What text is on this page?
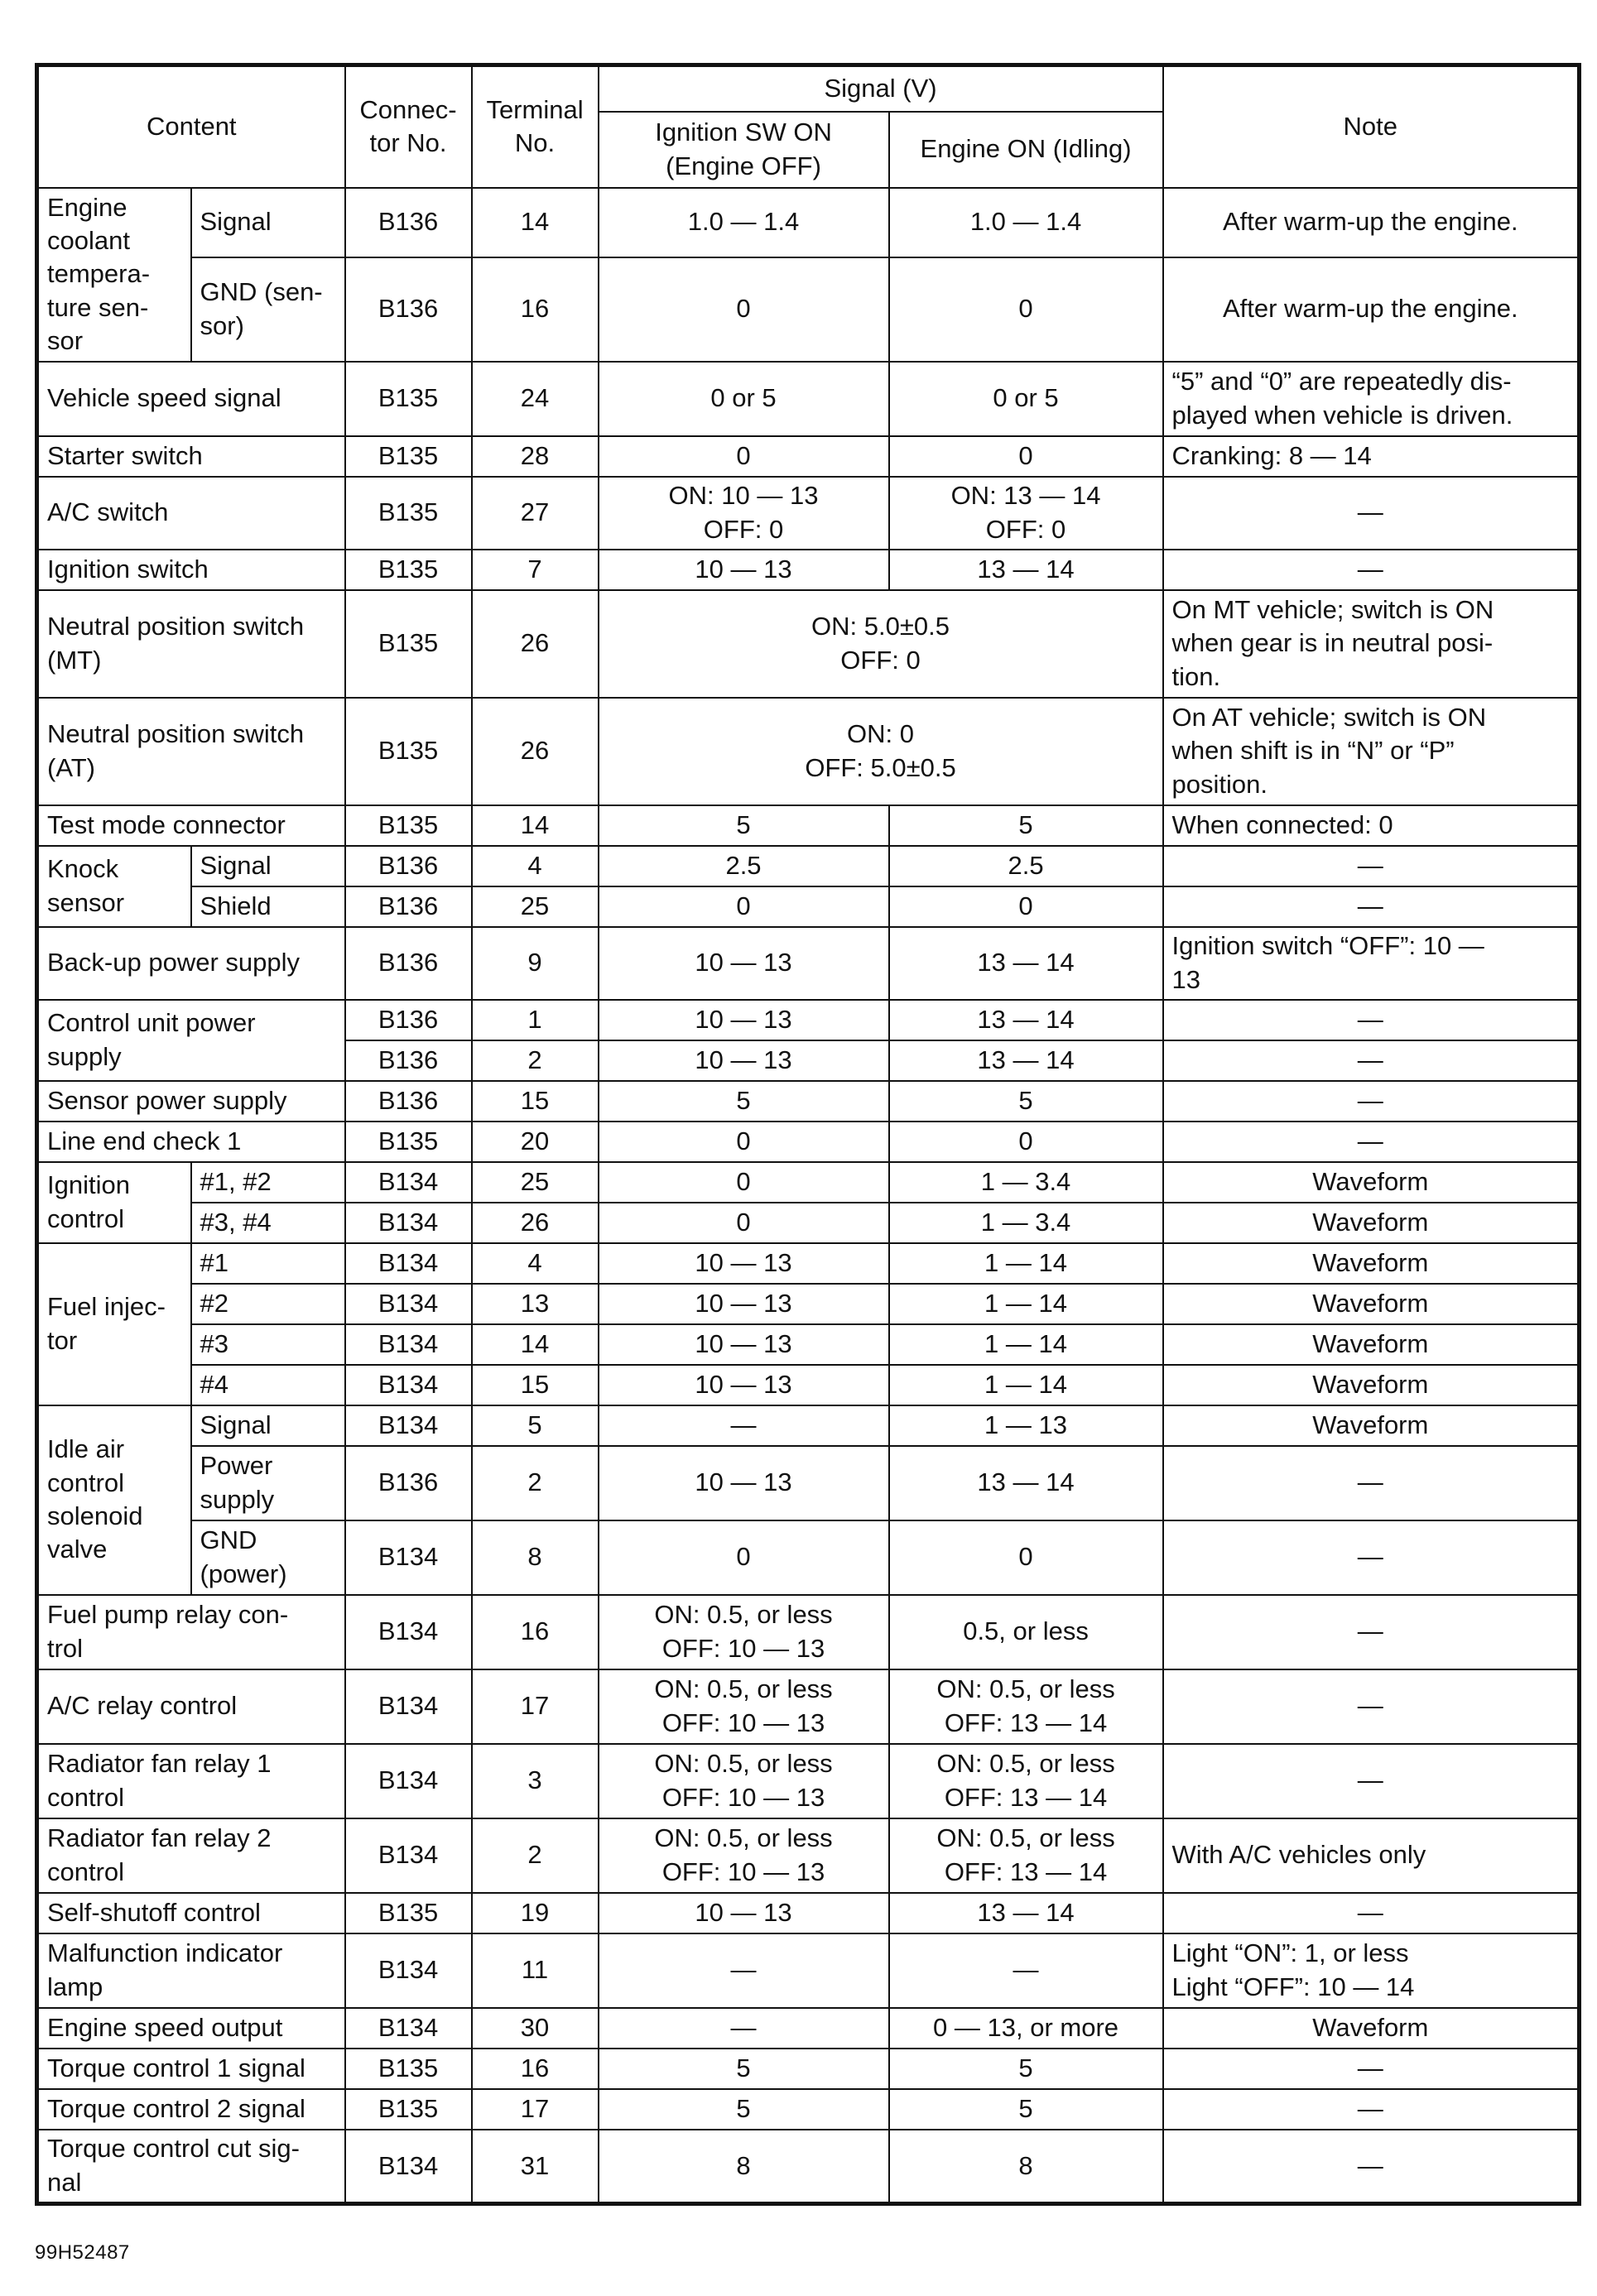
Content		Connec-
tor No.	Terminal
No.	Signal (V)		Note
				Ignition SW ON
(Engine OFF)	Engine ON (Idling)	
Engine
coolant
tempera-
ture sen-
sor	Signal	B136	14	1.0 — 1.4	1.0 — 1.4	After warm-up the engine.
	GND (sen-
sor)	B136	16	0	0	After warm-up the engine.
Vehicle speed signal		B135	24	0 or 5	0 or 5	“5” and “0” are repeatedly dis-
played when vehicle is driven.
Starter switch		B135	28	0	0	Cranking: 8 — 14
A/C switch		B135	27	ON: 10 — 13
OFF: 0	ON: 13 — 14
OFF: 0	—
Ignition switch		B135	7	10 — 13	13 — 14	—
Neutral position switch
(MT)		B135	26	ON: 5.0±0.5
OFF: 0		On MT vehicle; switch is ON
when gear is in neutral posi-
tion.
Neutral position switch
(AT)		B135	26	ON: 0
OFF: 5.0±0.5		On AT vehicle; switch is ON
when shift is in “N” or “P”
position.
Test mode connector		B135	14	5	5	When connected: 0
Knock
sensor	Signal	B136	4	2.5	2.5	—
	Shield	B136	25	0	0	—
Back-up power supply		B136	9	10 — 13	13 — 14	Ignition switch “OFF”: 10 —
13
Control unit power
supply		B136	1	10 — 13	13 — 14	—
		B136	2	10 — 13	13 — 14	—
Sensor power supply		B136	15	5	5	—
Line end check 1		B135	20	0	0	—
Ignition
control	#1, #2	B134	25	0	1 — 3.4	Waveform
	#3, #4	B134	26	0	1 — 3.4	Waveform
Fuel injec-
tor	#1	B134	4	10 — 13	1 — 14	Waveform
	#2	B134	13	10 — 13	1 — 14	Waveform
	#3	B134	14	10 — 13	1 — 14	Waveform
	#4	B134	15	10 — 13	1 — 14	Waveform
Idle air
control
solenoid
valve	Signal	B134	5	—	1 — 13	Waveform
	Power
supply	B136	2	10 — 13	13 — 14	—
	GND
(power)	B134	8	0	0	—
Fuel pump relay con-
trol		B134	16	ON: 0.5, or less
OFF: 10 — 13	0.5, or less	—
A/C relay control		B134	17	ON: 0.5, or less
OFF: 10 — 13	ON: 0.5, or less
OFF: 13 — 14	—
Radiator fan relay 1
control		B134	3	ON: 0.5, or less
OFF: 10 — 13	ON: 0.5, or less
OFF: 13 — 14	—
Radiator fan relay 2
control		B134	2	ON: 0.5, or less
OFF: 10 — 13	ON: 0.5, or less
OFF: 13 — 14	With A/C vehicles only
Self-shutoff control		B135	19	10 — 13	13 — 14	—
Malfunction indicator
lamp		B134	11	—	—	Light “ON”: 1, or less
Light “OFF”: 10 — 14
Engine speed output		B134	30	—	0 — 13, or more	Waveform
Torque control 1 signal		B135	16	5	5	—
Torque control 2 signal		B135	17	5	5	—
Torque control cut sig-
nal		B134	31	8	8	—
99H52487
